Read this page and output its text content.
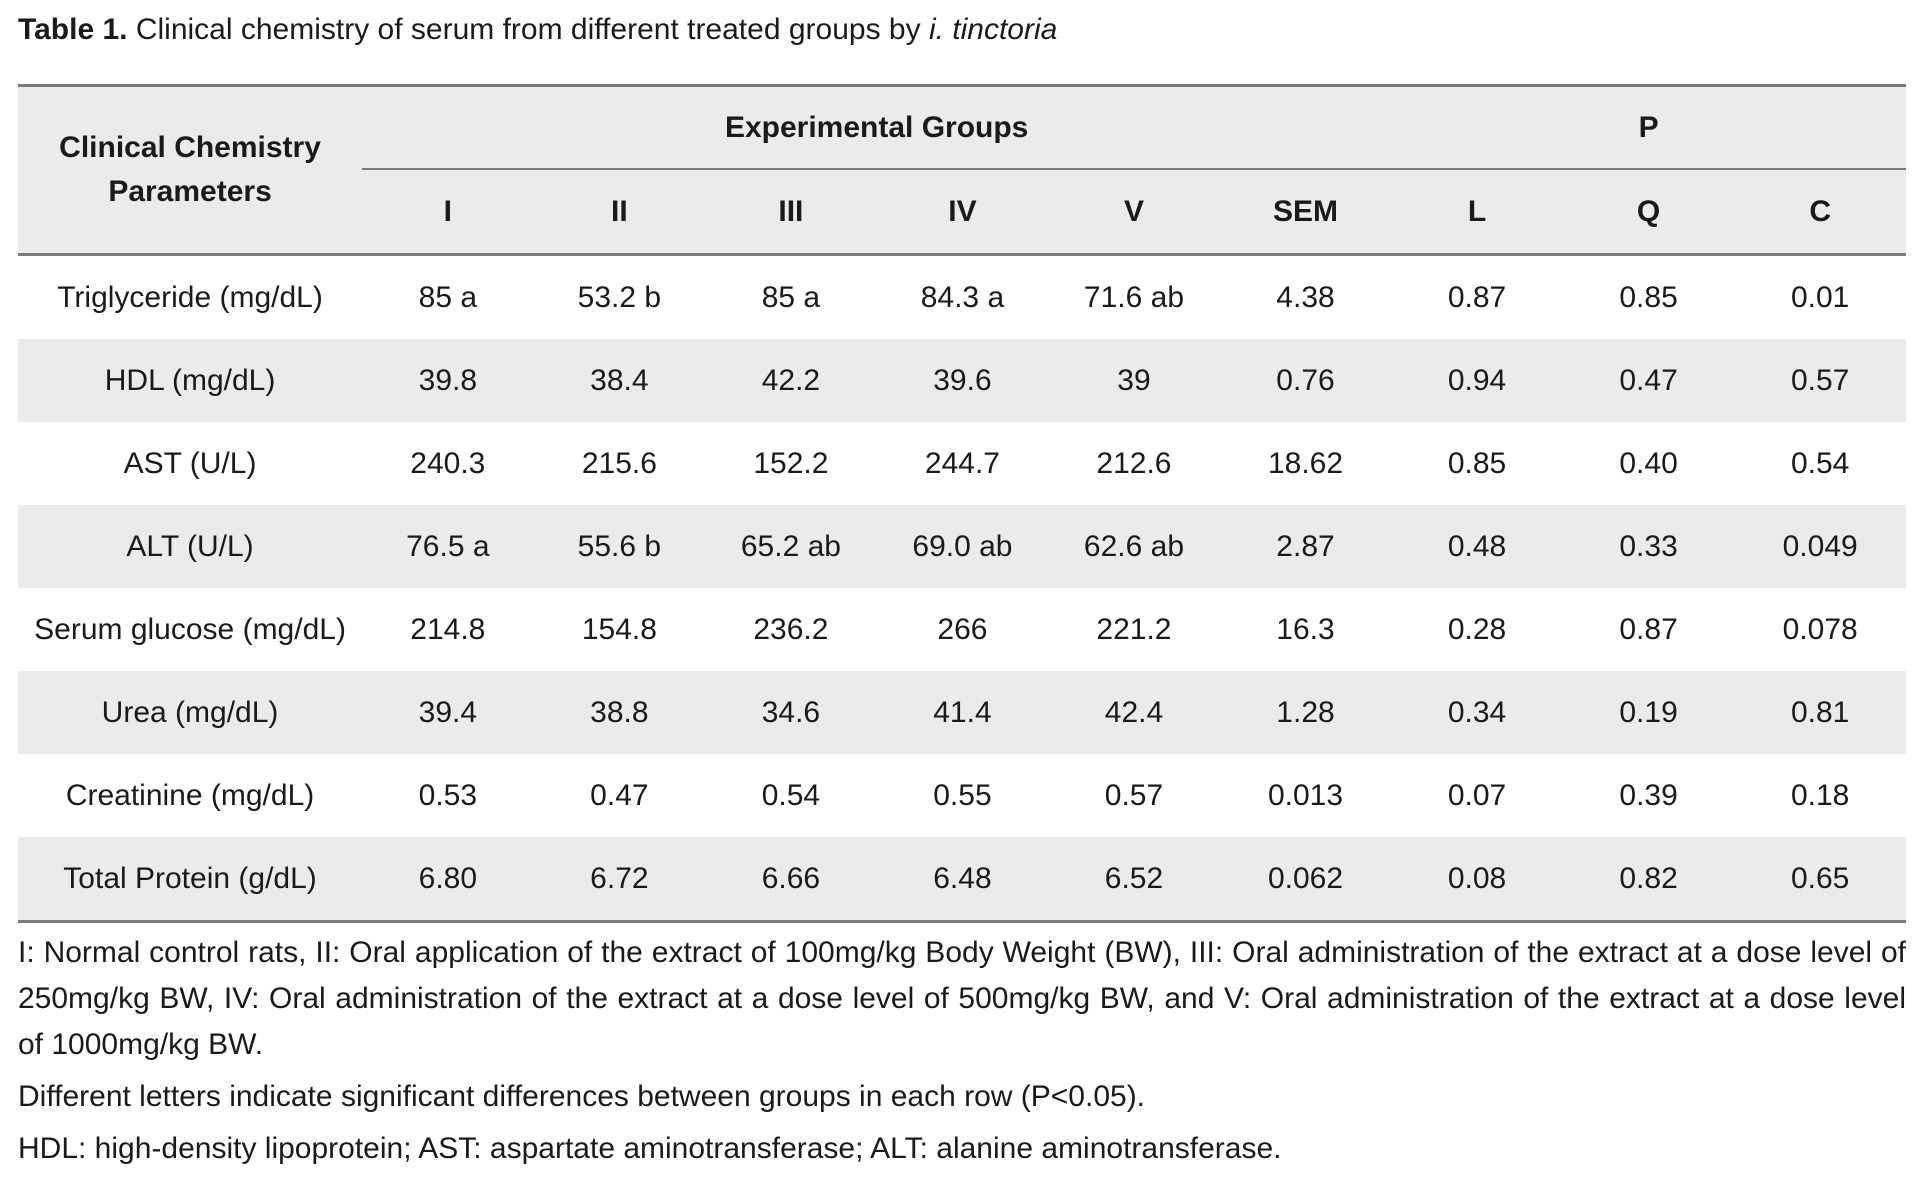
Table 1. Clinical chemistry of serum from different treated groups by i. tinctoria
Clinical Chemistry Parameters	Experimental Groups						P		
	I	II	III	IV	V	SEM	L	Q	C
Triglyceride (mg/dL)	85 a	53.2 b	85 a	84.3 a	71.6 ab	4.38	0.87	0.85	0.01
HDL (mg/dL)	39.8	38.4	42.2	39.6	39	0.76	0.94	0.47	0.57
AST (U/L)	240.3	215.6	152.2	244.7	212.6	18.62	0.85	0.40	0.54
ALT (U/L)	76.5 a	55.6 b	65.2 ab	69.0 ab	62.6 ab	2.87	0.48	0.33	0.049
Serum glucose (mg/dL)	214.8	154.8	236.2	266	221.2	16.3	0.28	0.87	0.078
Urea (mg/dL)	39.4	38.8	34.6	41.4	42.4	1.28	0.34	0.19	0.81
Creatinine (mg/dL)	0.53	0.47	0.54	0.55	0.57	0.013	0.07	0.39	0.18
Total Protein (g/dL)	6.80	6.72	6.66	6.48	6.52	0.062	0.08	0.82	0.65

I: Normal control rats, II: Oral application of the extract of 100mg/kg Body Weight (BW), III: Oral administration of the extract at a dose level of 250mg/kg BW, IV: Oral administration of the extract at a dose level of 500mg/kg BW, and V: Oral administration of the extract at a dose level of 1000mg/kg BW.

Different letters indicate significant differences between groups in each row (P<0.05).

HDL: high-density lipoprotein; AST: aspartate aminotransferase; ALT: alanine aminotransferase.
